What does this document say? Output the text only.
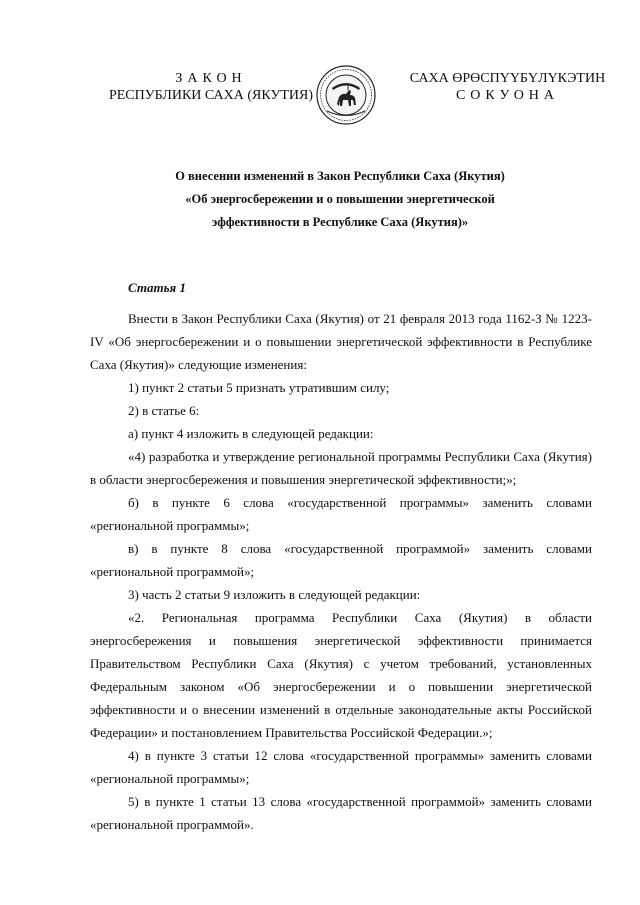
ЗАКОН
РЕСПУБЛИКИ САХА (ЯКУТИЯ)
САХА ӨРӨСПҮҮБҮЛҮКЭТИН
СОКУОНА
О внесении изменений в Закон Республики Саха (Якутия)
«Об энергосбережении и о повышении энергетической
эффективности в Республике Саха (Якутия)»

Статья 1

Внести в Закон Республики Саха (Якутия) от 21 февраля 2013 года 1162-З № 1223-IV «Об энергосбережении и о повышении энергетической эффективности в Республике Саха (Якутия)» следующие изменения:

1) пункт 2 статьи 5 признать утратившим силу;

2) в статье 6:

а) пункт 4 изложить в следующей редакции:

«4) разработка и утверждение региональной программы Республики Саха (Якутия) в области энергосбережения и повышения энергетической эффективности;»;

б) в пункте 6 слова «государственной программы» заменить словами «региональной программы»;

в) в пункте 8 слова «государственной программой» заменить словами «региональной программой»;

3) часть 2 статьи 9 изложить в следующей редакции:

«2. Региональная программа Республики Саха (Якутия) в области энергосбережения и повышения энергетической эффективности принимается Правительством Республики Саха (Якутия) с учетом требований, установленных Федеральным законом «Об энергосбережении и о повышении энергетической эффективности и о внесении изменений в отдельные законодательные акты Российской Федерации» и постановлением Правительства Российской Федерации.»;

4) в пункте 3 статьи 12 слова «государственной программы» заменить словами «региональной программы»;

5) в пункте 1 статьи 13 слова «государственной программой» заменить словами «региональной программой».
